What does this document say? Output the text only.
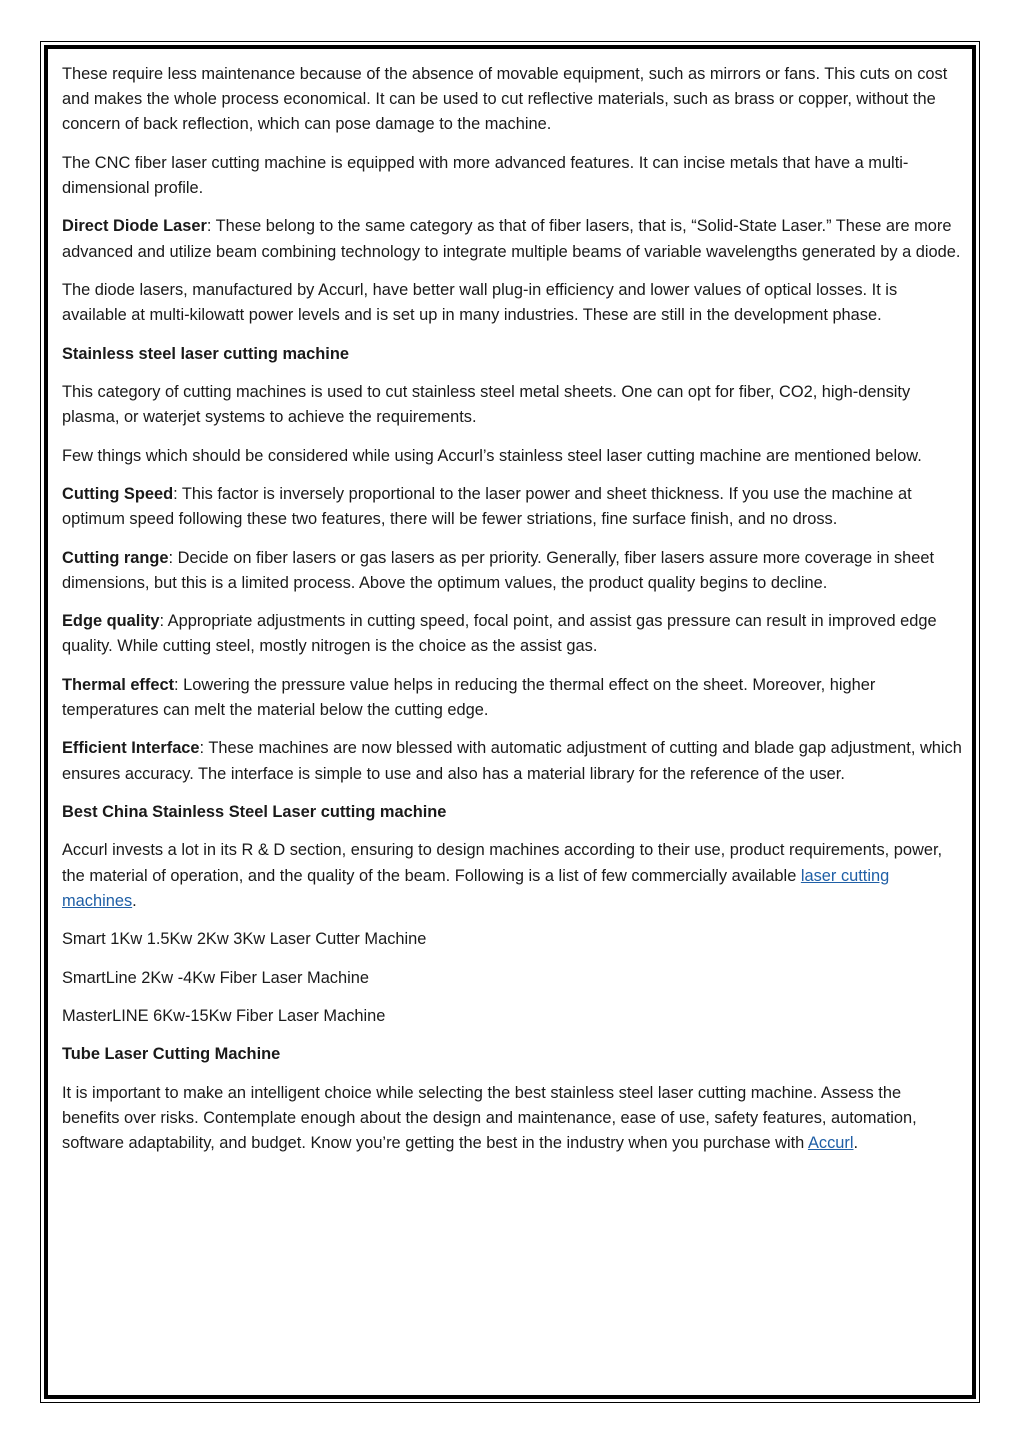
These require less maintenance because of the absence of movable equipment, such as mirrors or fans. This cuts on cost and makes the whole process economical. It can be used to cut reflective materials, such as brass or copper, without the concern of back reflection, which can pose damage to the machine.

The CNC fiber laser cutting machine is equipped with more advanced features. It can incise metals that have a multi-dimensional profile.

Direct Diode Laser: These belong to the same category as that of fiber lasers, that is, “Solid-State Laser.” These are more advanced and utilize beam combining technology to integrate multiple beams of variable wavelengths generated by a diode.

The diode lasers, manufactured by Accurl, have better wall plug-in efficiency and lower values of optical losses. It is available at multi-kilowatt power levels and is set up in many industries. These are still in the development phase.

Stainless steel laser cutting machine

This category of cutting machines is used to cut stainless steel metal sheets. One can opt for fiber, CO2, high-density plasma, or waterjet systems to achieve the requirements.

Few things which should be considered while using Accurl’s stainless steel laser cutting machine are mentioned below.

Cutting Speed: This factor is inversely proportional to the laser power and sheet thickness. If you use the machine at optimum speed following these two features, there will be fewer striations, fine surface finish, and no dross.

Cutting range: Decide on fiber lasers or gas lasers as per priority. Generally, fiber lasers assure more coverage in sheet dimensions, but this is a limited process. Above the optimum values, the product quality begins to decline.

Edge quality: Appropriate adjustments in cutting speed, focal point, and assist gas pressure can result in improved edge quality. While cutting steel, mostly nitrogen is the choice as the assist gas.

Thermal effect: Lowering the pressure value helps in reducing the thermal effect on the sheet. Moreover, higher temperatures can melt the material below the cutting edge.

Efficient Interface: These machines are now blessed with automatic adjustment of cutting and blade gap adjustment, which ensures accuracy. The interface is simple to use and also has a material library for the reference of the user.

Best China Stainless Steel Laser cutting machine

Accurl invests a lot in its R & D section, ensuring to design machines according to their use, product requirements, power, the material of operation, and the quality of the beam. Following is a list of few commercially available laser cutting machines.

Smart 1Kw 1.5Kw 2Kw 3Kw Laser Cutter Machine

SmartLine 2Kw -4Kw Fiber Laser Machine

MasterLINE 6Kw-15Kw Fiber Laser Machine

Tube Laser Cutting Machine

It is important to make an intelligent choice while selecting the best stainless steel laser cutting machine. Assess the benefits over risks. Contemplate enough about the design and maintenance, ease of use, safety features, automation, software adaptability, and budget. Know you’re getting the best in the industry when you purchase with Accurl.
